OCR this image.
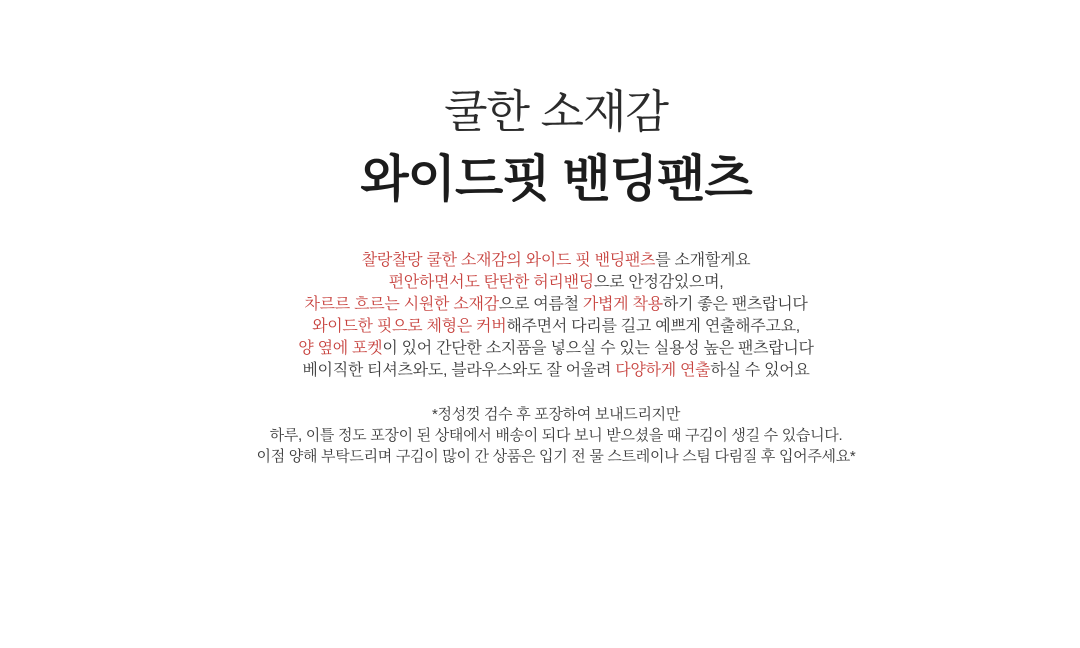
쿨한 소재감
와이드핏 밴딩팬츠
찰랑찰랑 쿨한 소재감의 와이드 핏 밴딩팬츠를 소개할게요
편안하면서도 탄탄한 허리밴딩으로 안정감있으며,
차르르 흐르는 시원한 소재감으로 여름철 가볍게 착용하기 좋은 팬츠랍니다
와이드한 핏으로 체형은 커버해주면서 다리를 길고 예쁘게 연출해주고요,
양 옆에 포켓이 있어 간단한 소지품을 넣으실 수 있는 실용성 높은 팬츠랍니다
베이직한 티셔츠와도, 블라우스와도 잘 어울려 다양하게 연출하실 수 있어요
*정성껏 검수 후 포장하여 보내드리지만
하루, 이틀 정도 포장이 된 상태에서 배송이 되다 보니 받으셨을 때 구김이 생길 수 있습니다.
이점 양해 부탁드리며 구김이 많이 간 상품은 입기 전 물 스트레이나 스팀 다림질 후 입어주세요*
